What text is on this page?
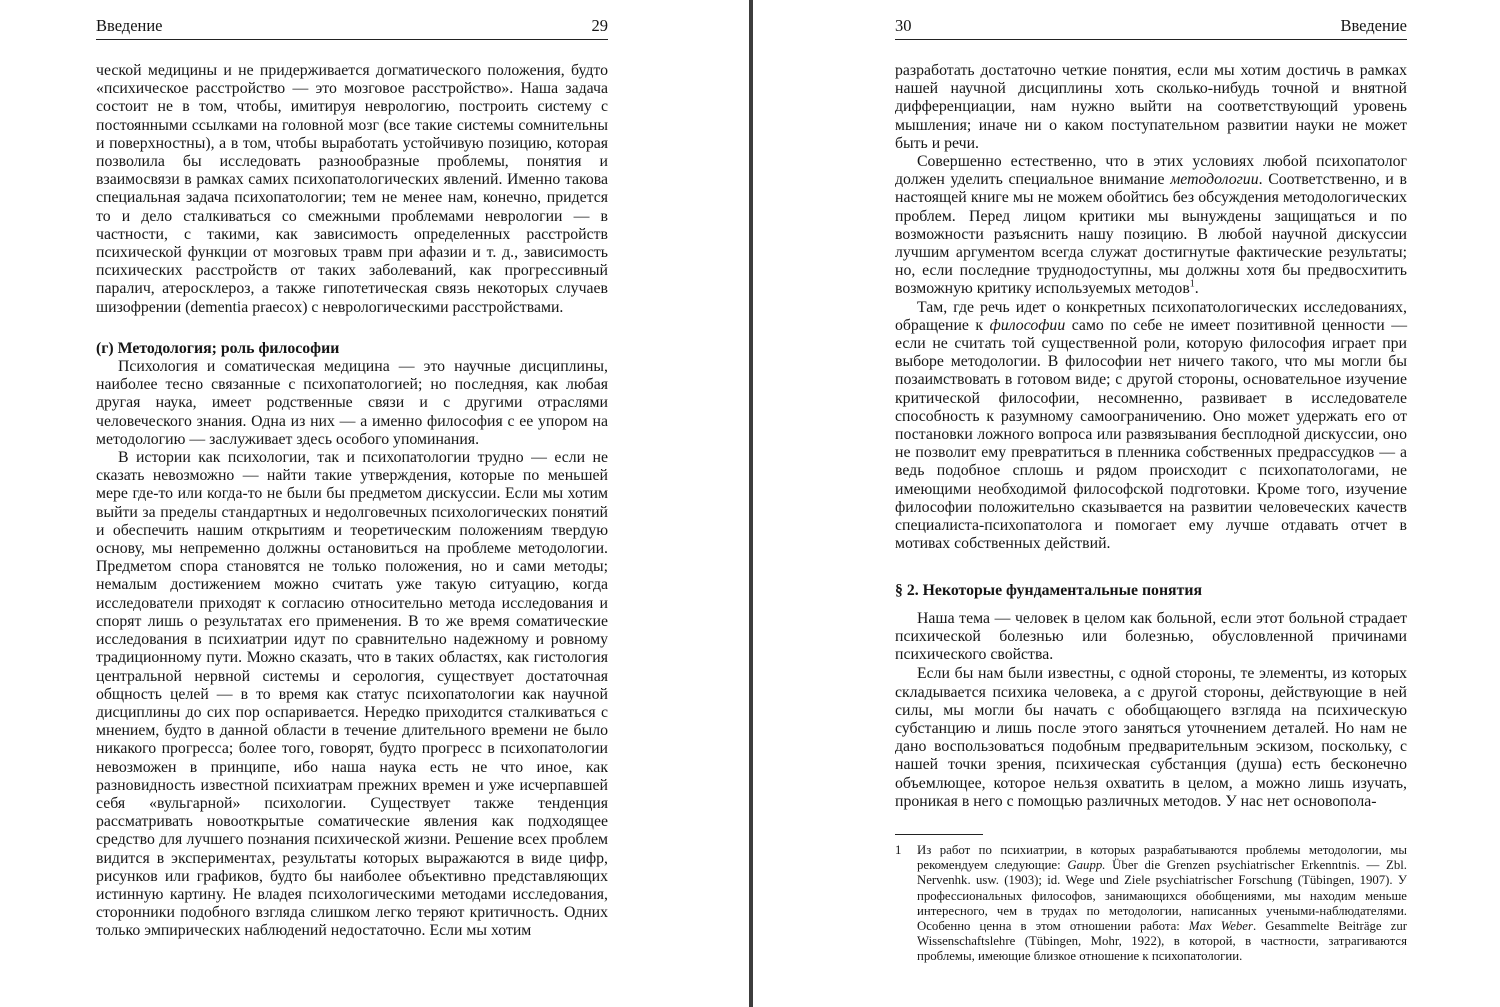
Введение	29

ческой медицины и не придерживается догматического положения, будто «психическое расстройство — это мозговое расстройство». Наша задача состоит не в том, чтобы, имитируя неврологию, построить систему с постоянными ссылками на головной мозг (все такие системы сомнительны и поверхностны), а в том, чтобы выработать устойчивую позицию, которая позволила бы исследовать разнообразные проблемы, понятия и взаимосвязи в рамках самих психопатологических явлений. Именно такова специальная задача психопатологии; тем не менее нам, конечно, придется то и дело сталкиваться со смежными проблемами неврологии — в частности, с такими, как зависимость определенных расстройств психической функции от мозговых травм при афазии и т. д., зависимость психических расстройств от таких заболеваний, как прогрессивный паралич, атеросклероз, а также гипотетическая связь некоторых случаев шизофрении (dementia praecox) с неврологическими расстройствами.

(г) Методология; роль философии

Психология и соматическая медицина — это научные дисциплины, наиболее тесно связанные с психопатологией; но последняя, как любая другая наука, имеет родственные связи и с другими отраслями человеческого знания. Одна из них — а именно философия с ее упором на методологию — заслуживает здесь особого упоминания.

В истории как психологии, так и психопатологии трудно — если не сказать невозможно — найти такие утверждения, которые по меньшей мере где-то или когда-то не были бы предметом дискуссии. Если мы хотим выйти за пределы стандартных и недолговечных психологических понятий и обеспечить нашим открытиям и теоретическим положениям твердую основу, мы непременно должны остановиться на проблеме методологии. Предметом спора становятся не только положения, но и сами методы; немалым достижением можно считать уже такую ситуацию, когда исследователи приходят к согласию относительно метода исследования и спорят лишь о результатах его применения. В то же время соматические исследования в психиатрии идут по сравнительно надежному и ровному традиционному пути. Можно сказать, что в таких областях, как гистология центральной нервной системы и серология, существует достаточная общность целей — в то время как статус психопатологии как научной дисциплины до сих пор оспаривается. Нередко приходится сталкиваться с мнением, будто в данной области в течение длительного времени не было никакого прогресса; более того, говорят, будто прогресс в психопатологии невозможен в принципе, ибо наша наука есть не что иное, как разновидность известной психиатрам прежних времен и уже исчерпавшей себя «вульгарной» психологии. Существует также тенденция рассматривать новооткрытые соматические явления как подходящее средство для лучшего познания психической жизни. Решение всех проблем видится в экспериментах, результаты которых выражаются в виде цифр, рисунков или графиков, будто бы наиболее объективно представляющих истинную картину. Не владея психологическими методами исследования, сторонники подобного взгляда слишком легко теряют критичность. Одних только эмпирических наблюдений недостаточно. Если мы хотим

30	Введение

разработать достаточно четкие понятия, если мы хотим достичь в рамках нашей научной дисциплины хоть сколько-нибудь точной и внятной дифференциации, нам нужно выйти на соответствующий уровень мышления; иначе ни о каком поступательном развитии науки не может быть и речи.

Совершенно естественно, что в этих условиях любой психопатолог должен уделить специальное внимание методологии. Соответственно, и в настоящей книге мы не можем обойтись без обсуждения методологических проблем. Перед лицом критики мы вынуждены защищаться и по возможности разъяснить нашу позицию. В любой научной дискуссии лучшим аргументом всегда служат достигнутые фактические результаты; но, если последние труднодоступны, мы должны хотя бы предвосхитить возможную критику используемых методов$^1$.

Там, где речь идет о конкретных психопатологических исследованиях, обращение к философии само по себе не имеет позитивной ценности — если не считать той существенной роли, которую философия играет при выборе методологии. В философии нет ничего такого, что мы могли бы позаимствовать в готовом виде; с другой стороны, основательное изучение критической философии, несомненно, развивает в исследователе способность к разумному самоограничению. Оно может удержать его от постановки ложного вопроса или развязывания бесплодной дискуссии, оно не позволит ему превратиться в пленника собственных предрассудков — а ведь подобное сплошь и рядом происходит с психопатологами, не имеющими необходимой философской подготовки. Кроме того, изучение философии положительно сказывается на развитии человеческих качеств специалиста-психопатолога и помогает ему лучше отдавать отчет в мотивах собственных действий.

§ 2. Некоторые фундаментальные понятия

Наша тема — человек в целом как больной, если этот больной страдает психической болезнью или болезнью, обусловленной причинами психического свойства.

Если бы нам были известны, с одной стороны, те элементы, из которых складывается психика человека, а с другой стороны, действующие в ней силы, мы могли бы начать с обобщающего взгляда на психическую субстанцию и лишь после этого заняться уточнением деталей. Но нам не дано воспользоваться подобным предварительным эскизом, поскольку, с нашей точки зрения, психическая субстанция (душа) есть бесконечно объемлющее, которое нельзя охватить в целом, а можно лишь изучать, проникая в него с помощью различных методов. У нас нет основопола-

1	Из работ по психиатрии, в которых разрабатываются проблемы методологии, мы рекомендуем следующие: Gaupp. Über die Grenzen psychiatrischer Erkenntnis. — Zbl. Nervenhk. usw. (1903); id. Wege und Ziele psychiatrischer Forschung (Tübingen, 1907). У профессиональных философов, занимающихся обобщениями, мы находим меньше интересного, чем в трудах по методологии, написанных учеными-наблюдателями. Особенно ценна в этом отношении работа: Max Weber. Gesammelte Beiträge zur Wissenschaftslehre (Tübingen, Mohr, 1922), в которой, в частности, затрагиваются проблемы, имеющие близкое отношение к психопатологии.
